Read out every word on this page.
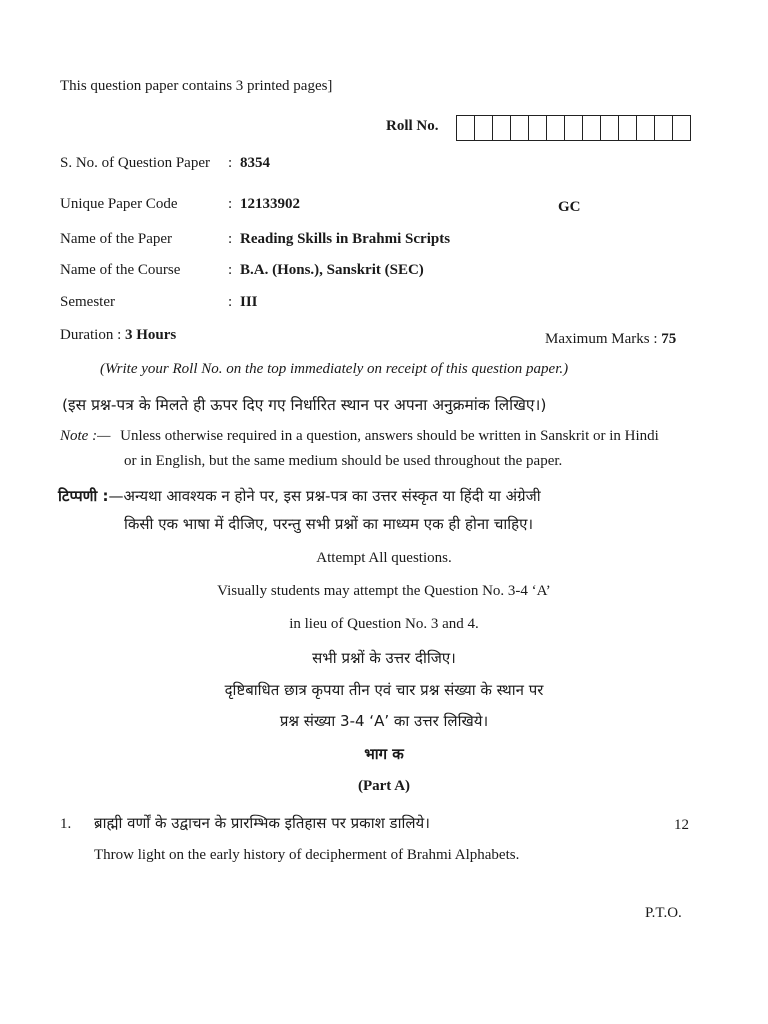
This question paper contains 3 printed pages]
Roll No.
S. No. of Question Paper : 8354
Unique Paper Code	: 12133902	GC
Name of the Paper	: Reading Skills in Brahmi Scripts
Name of the Course	: B.A. (Hons.), Sanskrit (SEC)
Semester	: III
Duration : 3 Hours	Maximum Marks : 75
(Write your Roll No. on the top immediately on receipt of this question paper.)
(इस प्रश्न-पत्र के मिलते ही ऊपर दिए गए निर्धारित स्थान पर अपना अनुक्रमांक लिखिए।)
Note :— Unless otherwise required in a question, answers should be written in Sanskrit or in Hindi
or in English, but the same medium should be used throughout the paper.
टिप्पणी :—अन्यथा आवश्यक न होने पर, इस प्रश्न-पत्र का उत्तर संस्कृत या हिंदी या अंग्रेजी
किसी एक भाषा में दीजिए, परन्तु सभी प्रश्नों का माध्यम एक ही होना चाहिए।
Attempt All questions.
Visually students may attempt the Question No. 3-4 ‘A’
in lieu of Question No. 3 and 4.
सभी प्रश्नों के उत्तर दीजिए।
दृष्टिबाधित छात्र कृपया तीन एवं चार प्रश्न संख्या के स्थान पर
प्रश्न संख्या 3-4 ‘A’ का उत्तर लिखिये।
भाग क
(Part A)
1. ब्राह्मी वर्णों के उद्वाचन के प्रारम्भिक इतिहास पर प्रकाश डालिये।	12
Throw light on the early history of decipherment of Brahmi Alphabets.
P.T.O.
